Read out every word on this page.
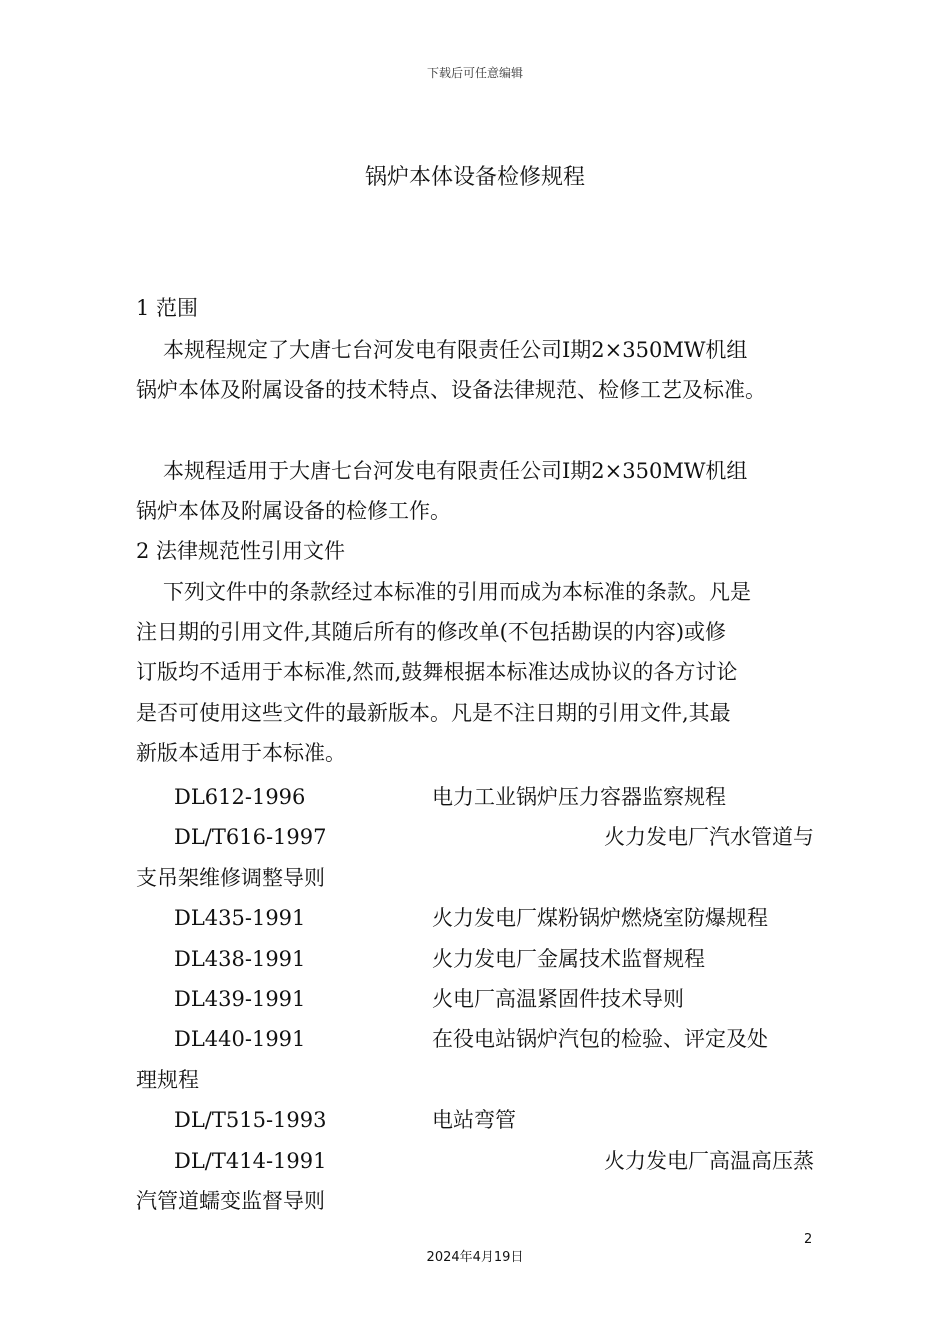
下载后可任意编辑
锅炉本体设备检修规程
1 范围
本规程规定了大唐七台河发电有限责任公司Ⅰ期2×350MW机组
锅炉本体及附属设备的技术特点、设备法律规范、检修工艺及标准。
本规程适用于大唐七台河发电有限责任公司Ⅰ期2×350MW机组
锅炉本体及附属设备的检修工作。
2 法律规范性引用文件
下列文件中的条款经过本标准的引用而成为本标准的条款。凡是
注日期的引用文件,其随后所有的修改单(不包括勘误的内容)或修
订版均不适用于本标准,然而,鼓舞根据本标准达成协议的各方讨论
是否可使用这些文件的最新版本。凡是不注日期的引用文件,其最
新版本适用于本标准。
DL612-1996	电力工业锅炉压力容器监察规程
DL/T616-1997	火力发电厂汽水管道与
支吊架维修调整导则
DL435-1991	火力发电厂煤粉锅炉燃烧室防爆规程
DL438-1991	火力发电厂金属技术监督规程
DL439-1991	火电厂高温紧固件技术导则
DL440-1991	在役电站锅炉汽包的检验、评定及处
理规程
DL/T515-1993	电站弯管
DL/T414-1991	火力发电厂高温高压蒸
汽管道蠕变监督导则
2
2024年4月19日
